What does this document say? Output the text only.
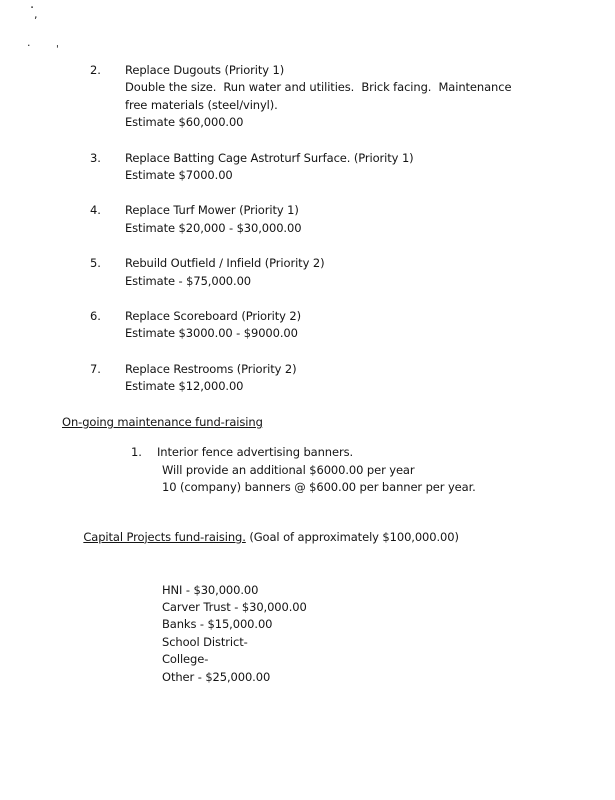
· ,
·	'
2.	Replace Dugouts (Priority 1)
Double the size.  Run water and utilities.  Brick facing.  Maintenance
free materials (steel/vinyl).
Estimate $60,000.00
3.	Replace Batting Cage Astroturf Surface. (Priority 1)
Estimate $7000.00
4.	Replace Turf Mower (Priority 1)
Estimate $20,000 - $30,000.00
5.	Rebuild Outfield / Infield (Priority 2)
Estimate - $75,000.00
6.	Replace Scoreboard (Priority 2)
Estimate $3000.00 - $9000.00
7.	Replace Restrooms (Priority 2)
Estimate $12,000.00
On-going maintenance fund-raising
1.	Interior fence advertising banners.
Will provide an additional $6000.00 per year
10 (company) banners @ $600.00 per banner per year.

Capital Projects fund-raising. (Goal of approximately $100,000.00)

HNI - $30,000.00
Carver Trust - $30,000.00
Banks - $15,000.00
School District-
College-
Other - $25,000.00
